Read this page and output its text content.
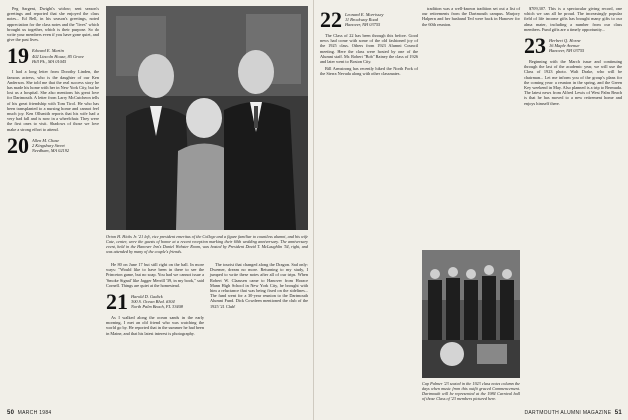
Peg Sargent, Dwight's widow; sent season's greetings and reported that she enjoyed the class notes... Ed Bell, in his season's greetings, noted appreciation for the class notes and the "lives" which brought us together, which is their purpose. So do write your members even if you have gone quiet, and give the past lives.

19 Edward E. Martin
402 Lincoln House, 85 Grove
Hill Pk., MA 01045

I had a long letter from Dorothy Linden, the famous actress, who is the daughter of our Ken Anderson. She told me that the real success story he has made his home with her in New York City, but he lost us a hospital. She also mentions his great love for Dartmouth. A letter from Larry McCutcheon tells of his great friendship with Tom Tirol. He who has been transplanted to a nursing home and cannot feel much joy. Ken Ollsmith reports that his wife had a very bad fall and is now in a wheelchair. They were the first ones to visit. Shadows of those we love make a strong effort to attend.

20 Allen M. Chase
2 Kingsbury Street
Needham, MA 02192
Orton H. Hicks Jr. '21 left, vice president emeritus of the College and a figure familiar to countless alumni, and his wife Cate, center, were the guests of honor at a recent reception marking their 60th wedding anniversary. The anniversary event, held in the Hanover Inn's Daniel Webster Room, was hosted by President David T. McLaughlin '54, right, and was attended by many of the couple's friends.

He 80 on June 17 but still right on the ball. In more ways: "Would like to have been in there to see the Princeton game, but no soap. You had we cannot issue a 'Smoke Signal' like Jagger Merrill '39, in my book," said Cornell. Things are quiet at the homestead.

21 Harold D. Gadick
300 S. Ocean Blvd. #304
North Palm Beach, FL 33408

As I walked along the ocean sands in the early morning, I met an old friend who was watching the world go by. He reported that in the summer he had been in Maine, and that his latest interest is photography.

The tourist that changed along the Dragon. Sad only: Dwemer, dream no more. Returning to my study, I jumped to write these notes after all of our trips. When Robert W. Claassen came to Hanover from Horace Mann High School in New York City, he brought with him a reluctance that was being fixed on the sidelines... The fund went for a 30-year reunion to the Dartmouth Alumni Fund. Dick Cowdeen mentioned the club of the 1925 '21 Club!

50 MARCH 1984
22 Leonard E. Morrissey
11 Brockway Road
Hanover, NH 03755

The Class of 22 has been through this before. Good news had come with some of the old fashioned joy of the 1925 class. Others from 1923 Alumni Council meeting. Here the class were hosted by one of the Alumni staff. Mr. Robert "Bob" Rainey the class of 1926 and later went to Boston City.

Bill Armstrong has recently hiked the North Fork of the Sierra Nevada along with other classmates.

tradition was a well-known tradition set out a list of our retirements from the Dartmouth campus. Marjory Halpern and her husband Ted were back in Hanover for the 60th reunion.

$709,307. This is a spectacular giving record, one which we can all be proud. The increasingly popular field of life income gifts has brought many gifts to our alma mater, including a number from our class members. Fund gifts are a timely opportunity...

23 Herbert Q. Horne
16 Maple Avenue
Hanover, NH 03755

Beginning with the March issue and continuing through the last of the academic year, we will use the Class of 1923 photo. Walt Drake, who will be chairman... Let me inform you of the group's plans for the coming year: a reunion in the spring, and the Green Key weekend in May. Also planned is a trip to Bermuda. The latest news from Alfred Lewis of West Palm Beach is that he has moved to a new retirement home and enjoys himself there.

Cap Palmer '23 seated in the 1923 class notes column the days when music from this outfit graced Commencement. Dartmouth will be represented at the 1984 Carnival ball of those Class of '23 members pictured here.
DARTMOUTH ALUMNI MAGAZINE 51
